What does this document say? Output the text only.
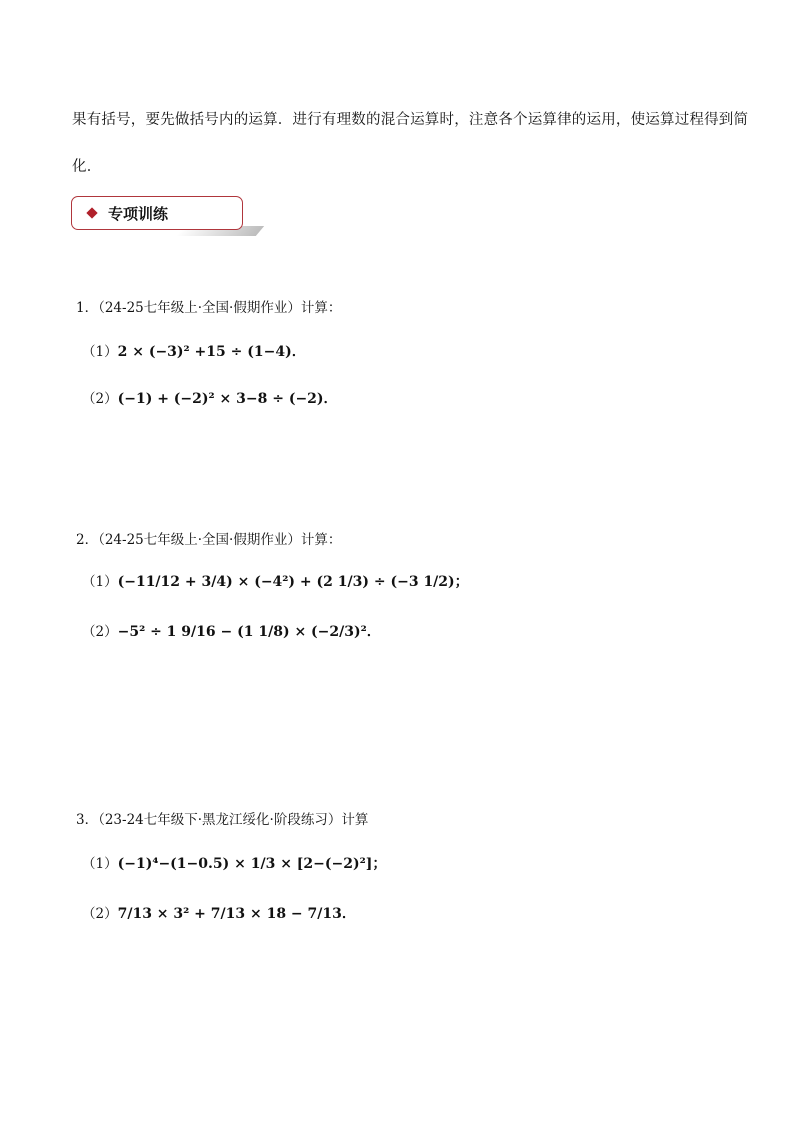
果有括号，要先做括号内的运算．进行有理数的混合运算时，注意各个运算律的运用，使运算过程得到简
化．
专项训练
1．（24-25七年级上·全国·假期作业）计算：
（1）2 × (−3)² +15 ÷ (1−4)．
（2）(−1) + (−2)² × 3−8 ÷ (−2)．
2．（24-25七年级上·全国·假期作业）计算：
（1）(−11/12 + 3/4) × (−4²) + (2 1/3) ÷ (−3 1/2)；
（2）−5² ÷ 1 9/16 − (1 1/8) × (−2/3)²．
3．（23-24七年级下·黑龙江绥化·阶段练习）计算
（1）(−1)⁴−(1−0.5) × 1/3 × [2−(−2)²]；
（2）7/13 × 3² + 7/13 × 18 − 7/13．
